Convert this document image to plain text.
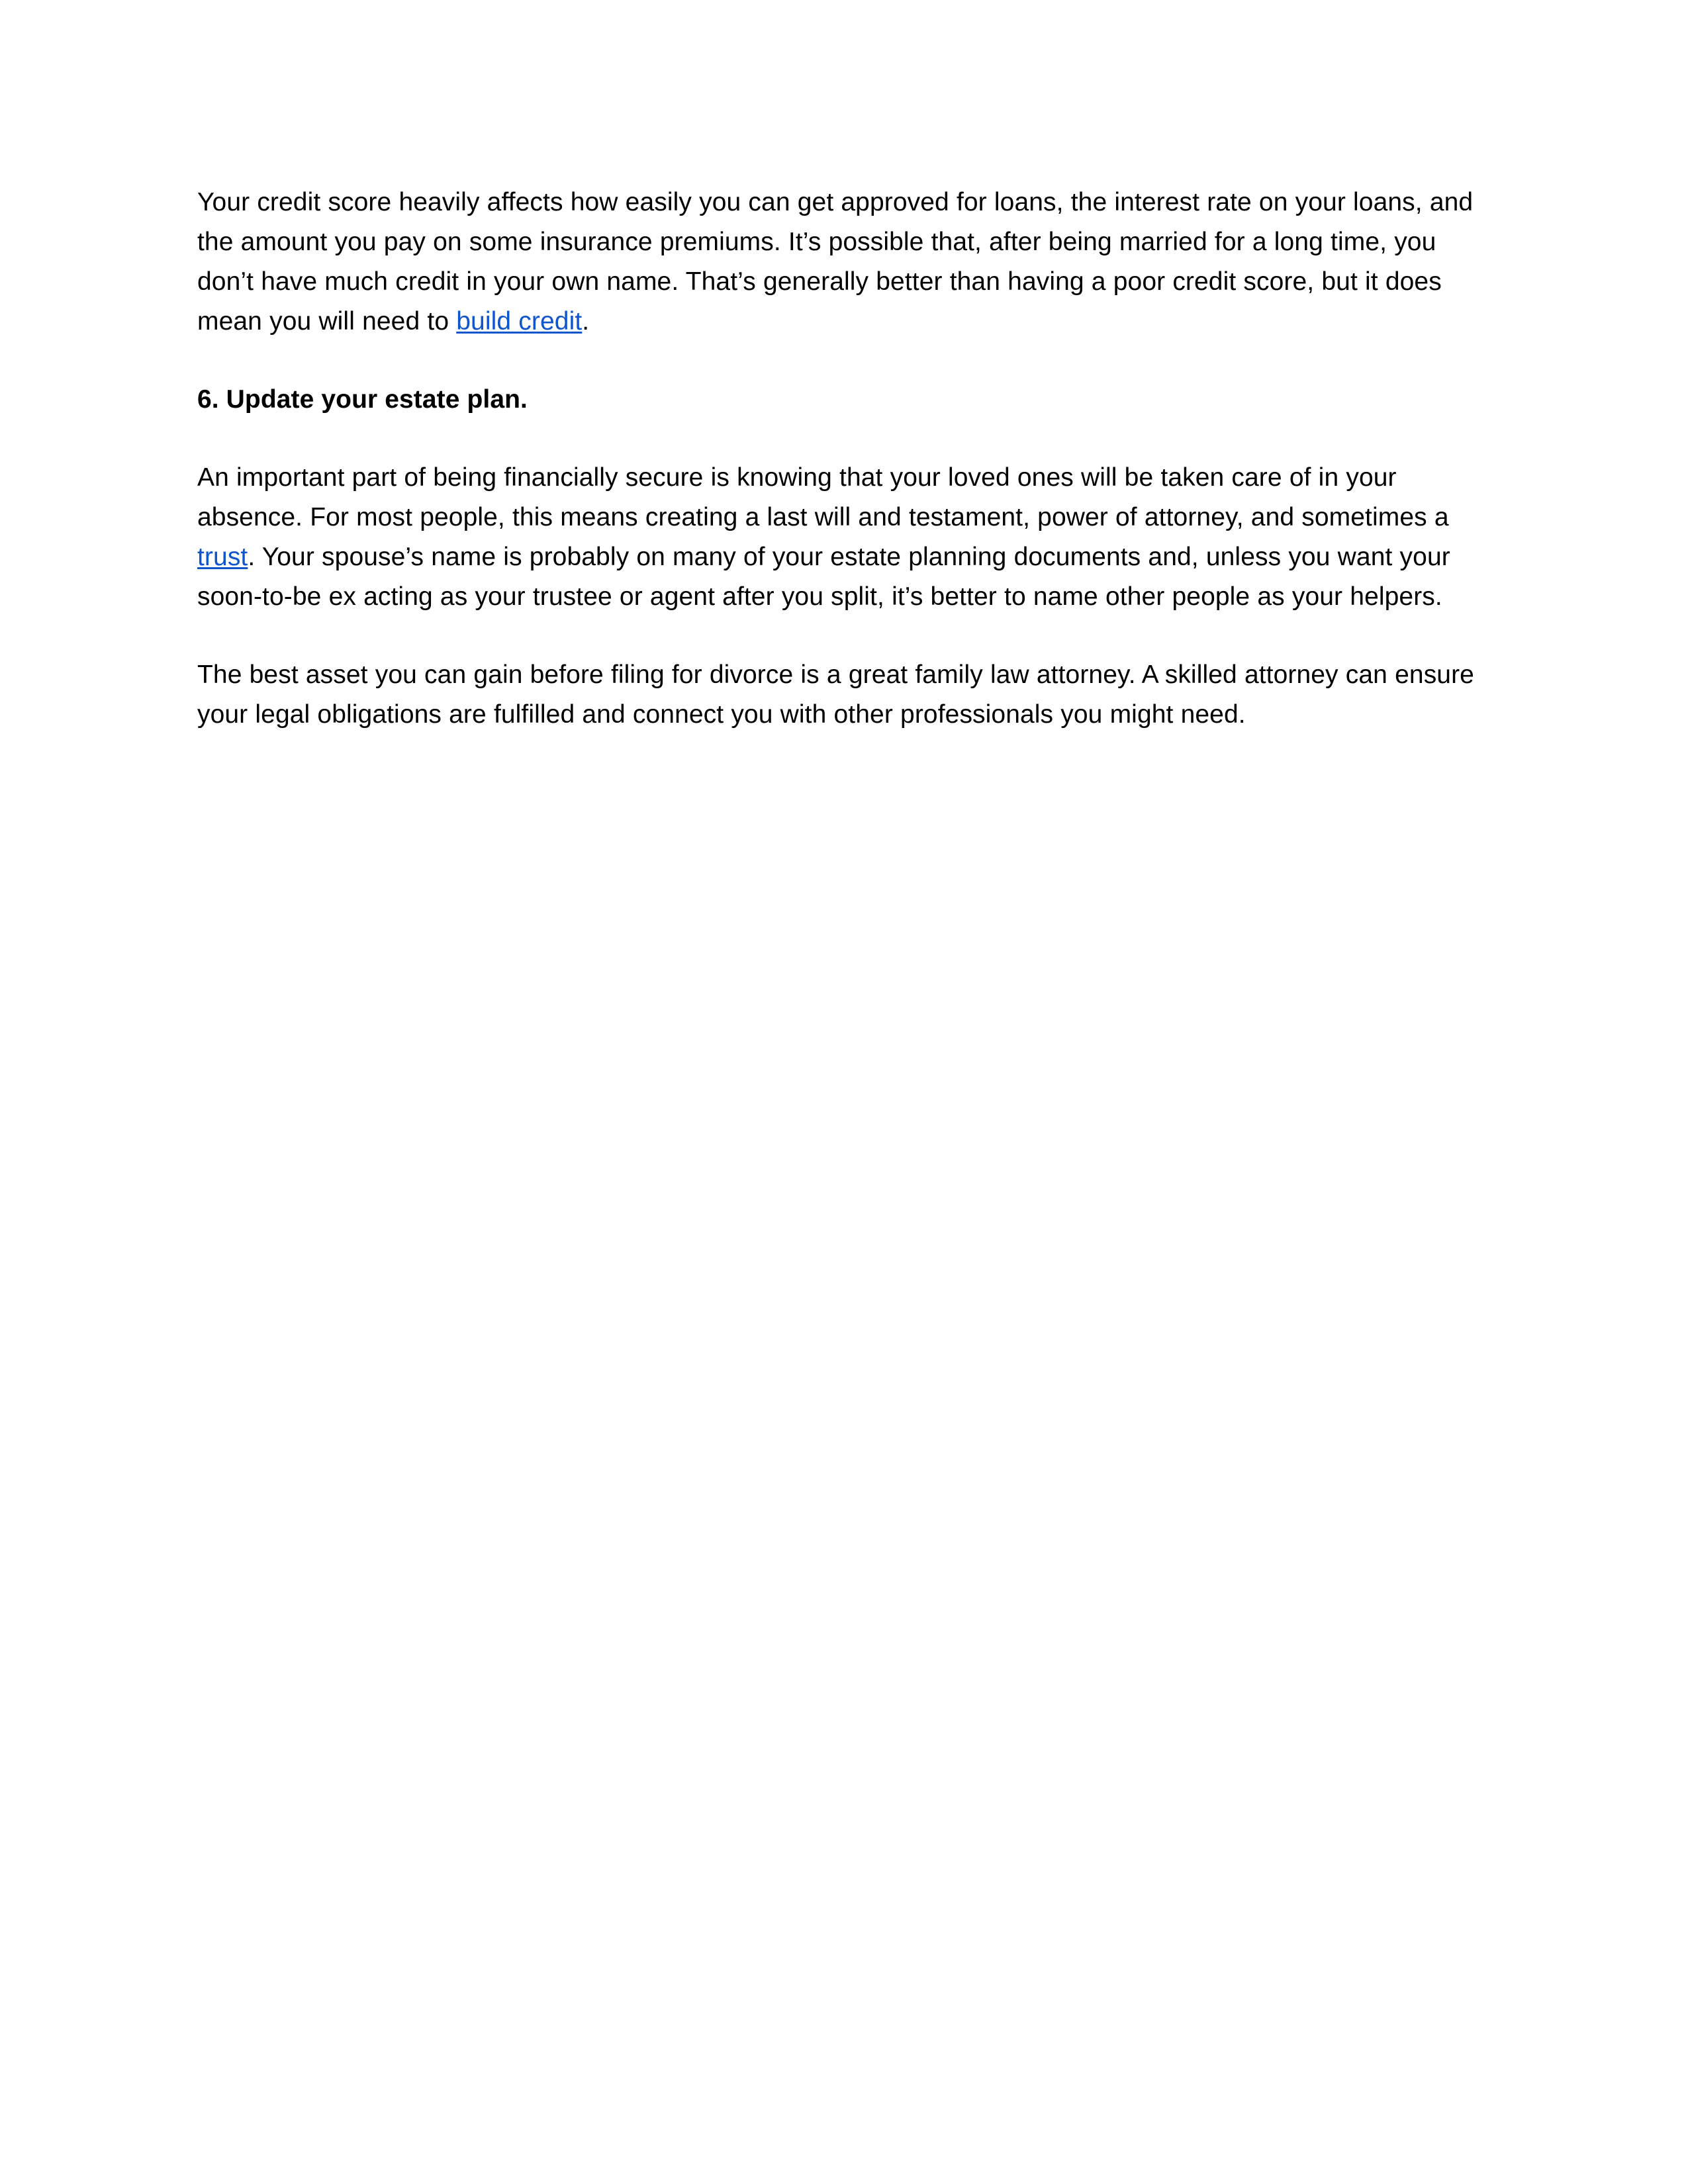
Your credit score heavily affects how easily you can get approved for loans, the interest rate on your loans, and the amount you pay on some insurance premiums. It’s possible that, after being married for a long time, you don’t have much credit in your own name. That’s generally better than having a poor credit score, but it does mean you will need to build credit.

6. Update your estate plan.

An important part of being financially secure is knowing that your loved ones will be taken care of in your absence. For most people, this means creating a last will and testament, power of attorney, and sometimes a trust. Your spouse’s name is probably on many of your estate planning documents and, unless you want your soon-to-be ex acting as your trustee or agent after you split, it’s better to name other people as your helpers.

The best asset you can gain before filing for divorce is a great family law attorney. A skilled attorney can ensure your legal obligations are fulfilled and connect you with other professionals you might need.
